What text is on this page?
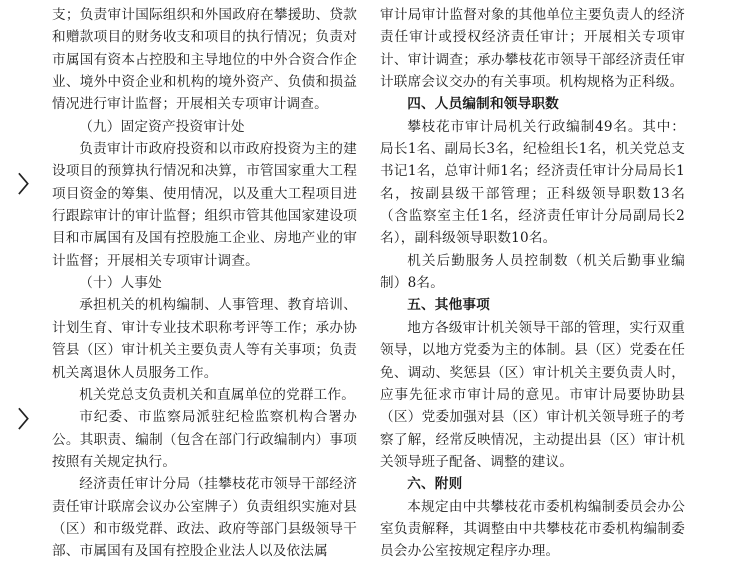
〉
〉

支；负责审计国际组织和外国政府在攀援助、贷款和赠款项目的财务收支和项目的执行情况；负责对市属国有资本占控股和主导地位的中外合资合作企业、境外中资企业和机构的境外资产、负债和损益情况进行审计监督；开展相关专项审计调查。

（九）固定资产投资审计处

负责审计市政府投资和以市政府投资为主的建设项目的预算执行情况和决算，市管国家重大工程项目资金的筹集、使用情况，以及重大工程项目进行跟踪审计的审计监督；组织市管其他国家建设项目和市属国有及国有控股施工企业、房地产业的审计监督；开展相关专项审计调查。

（十）人事处

承担机关的机构编制、人事管理、教育培训、计划生育、审计专业技术职称考评等工作；承办协管县（区）审计机关主要负责人等有关事项；负责机关离退休人员服务工作。

机关党总支负责机关和直属单位的党群工作。

市纪委、市监察局派驻纪检监察机构合署办公。其职责、编制（包含在部门行政编制内）事项按照有关规定执行。

经济责任审计分局（挂攀枝花市领导干部经济责任审计联席会议办公室牌子）负责组织实施对县（区）和市级党群、政法、政府等部门县级领导干部、市属国有及国有控股企业法人以及依法属

审计局审计监督对象的其他单位主要负责人的经济责任审计或授权经济责任审计；开展相关专项审计、审计调查；承办攀枝花市领导干部经济责任审计联席会议交办的有关事项。机构规格为正科级。

四、人员编制和领导职数

攀枝花市审计局机关行政编制49名。其中：局长1名、副局长3名，纪检组长1名，机关党总支书记1名，总审计师1名；经济责任审计分局局长1名，按副县级干部管理；正科级领导职数13名（含监察室主任1名，经济责任审计分局副局长2名），副科级领导职数10名。

机关后勤服务人员控制数（机关后勤事业编制）8名。

五、其他事项

地方各级审计机关领导干部的管理，实行双重领导，以地方党委为主的体制。县（区）党委在任免、调动、奖惩县（区）审计机关主要负责人时，应事先征求市审计局的意见。市审计局要协助县（区）党委加强对县（区）审计机关领导班子的考察了解，经常反映情况，主动提出县（区）审计机关领导班子配备、调整的建议。

六、附则

本规定由中共攀枝花市委机构编制委员会办公室负责解释，其调整由中共攀枝花市委机构编制委员会办公室按规定程序办理。
